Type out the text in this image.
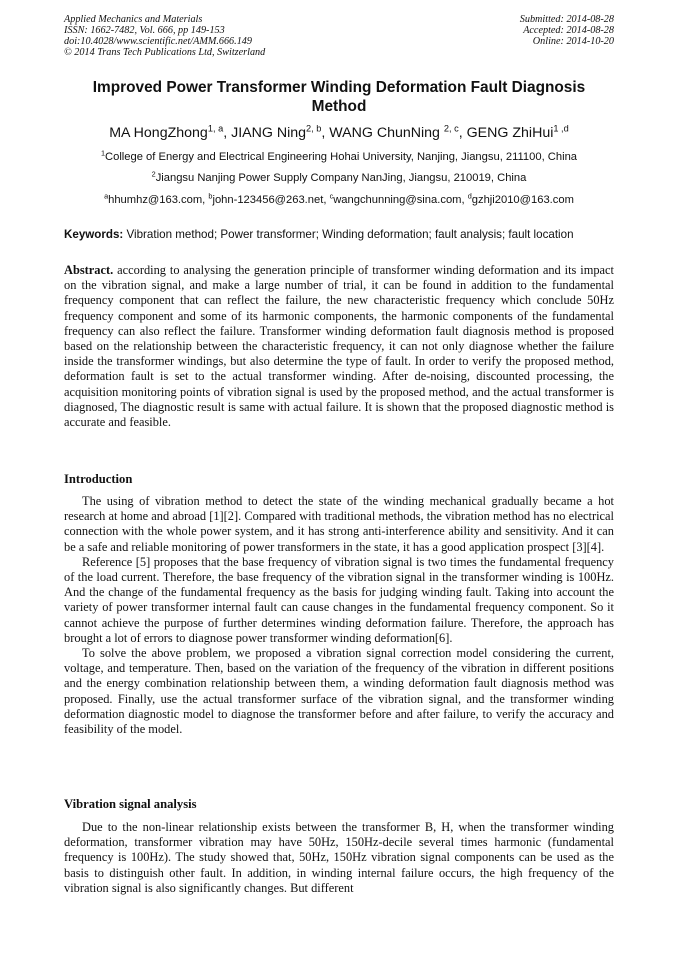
Applied Mechanics and Materials
ISSN: 1662-7482, Vol. 666, pp 149-153
doi:10.4028/www.scientific.net/AMM.666.149
© 2014 Trans Tech Publications Ltd, Switzerland
Submitted: 2014-08-28
Accepted: 2014-08-28
Online: 2014-10-20
Improved Power Transformer Winding Deformation Fault Diagnosis Method
MA HongZhong$^{1, a}$, JIANG Ning$^{2, b}$, WANG ChunNing $^{2, c}$, GENG ZhiHui$^{1 ,d}$
$^1$College of Energy and Electrical Engineering Hohai University, Nanjing, Jiangsu, 211100, China
$^2$Jiangsu Nanjing Power Supply Company NanJing, Jiangsu, 210019, China
$^a$hhumhz@163.com, $^b$john-123456@263.net, $^c$wangchunning@sina.com, $^d$gzhji2010@163.com
Keywords: Vibration method; Power transformer; Winding deformation; fault analysis; fault location

Abstract. according to analysing the generation principle of transformer winding deformation and its impact on the vibration signal, and make a large number of trial, it can be found in addition to the fundamental frequency component that can reflect the failure, the new characteristic frequency which conclude 50Hz frequency component and some of its harmonic components, the harmonic components of the fundamental frequency can also reflect the failure. Transformer winding deformation fault diagnosis method is proposed based on the relationship between the characteristic frequency, it can not only diagnose whether the failure inside the transformer windings, but also determine the type of fault. In order to verify the proposed method, deformation fault is set to the actual transformer winding. After de-noising, discounted processing, the acquisition monitoring points of vibration signal is used by the proposed method, and the actual transformer is diagnosed, The diagnostic result is same with actual failure. It is shown that the proposed diagnostic method is accurate and feasible.

Introduction

The using of vibration method to detect the state of the winding mechanical gradually became a hot research at home and abroad [1][2]. Compared with traditional methods, the vibration method has no electrical connection with the whole power system, and it has strong anti-interference ability and sensitivity. And it can be a safe and reliable monitoring of power transformers in the state, it has a good application prospect [3][4].

Reference [5] proposes that the base frequency of vibration signal is two times the fundamental frequency of the load current. Therefore, the base frequency of the vibration signal in the transformer winding is 100Hz. And the change of the fundamental frequency as the basis for judging winding fault. Taking into account the variety of power transformer internal fault can cause changes in the fundamental frequency component. So it cannot achieve the purpose of further determines winding deformation failure. Therefore, the approach has brought a lot of errors to diagnose power transformer winding deformation[6].

To solve the above problem, we proposed a vibration signal correction model considering the current, voltage, and temperature. Then, based on the variation of the frequency of the vibration in different positions and the energy combination relationship between them, a winding deformation fault diagnosis method was proposed. Finally, use the actual transformer surface of the vibration signal, and the transformer winding deformation diagnostic model to diagnose the transformer before and after failure, to verify the accuracy and feasibility of the model.

Vibration signal analysis

Due to the non-linear relationship exists between the transformer B, H, when the transformer winding deformation, transformer vibration may have 50Hz, 150Hz-decile several times harmonic (fundamental frequency is 100Hz). The study showed that, 50Hz, 150Hz vibration signal components can be used as the basis to distinguish other fault. In addition, in winding internal failure occurs, the high frequency of the vibration signal is also significantly changes. But different
